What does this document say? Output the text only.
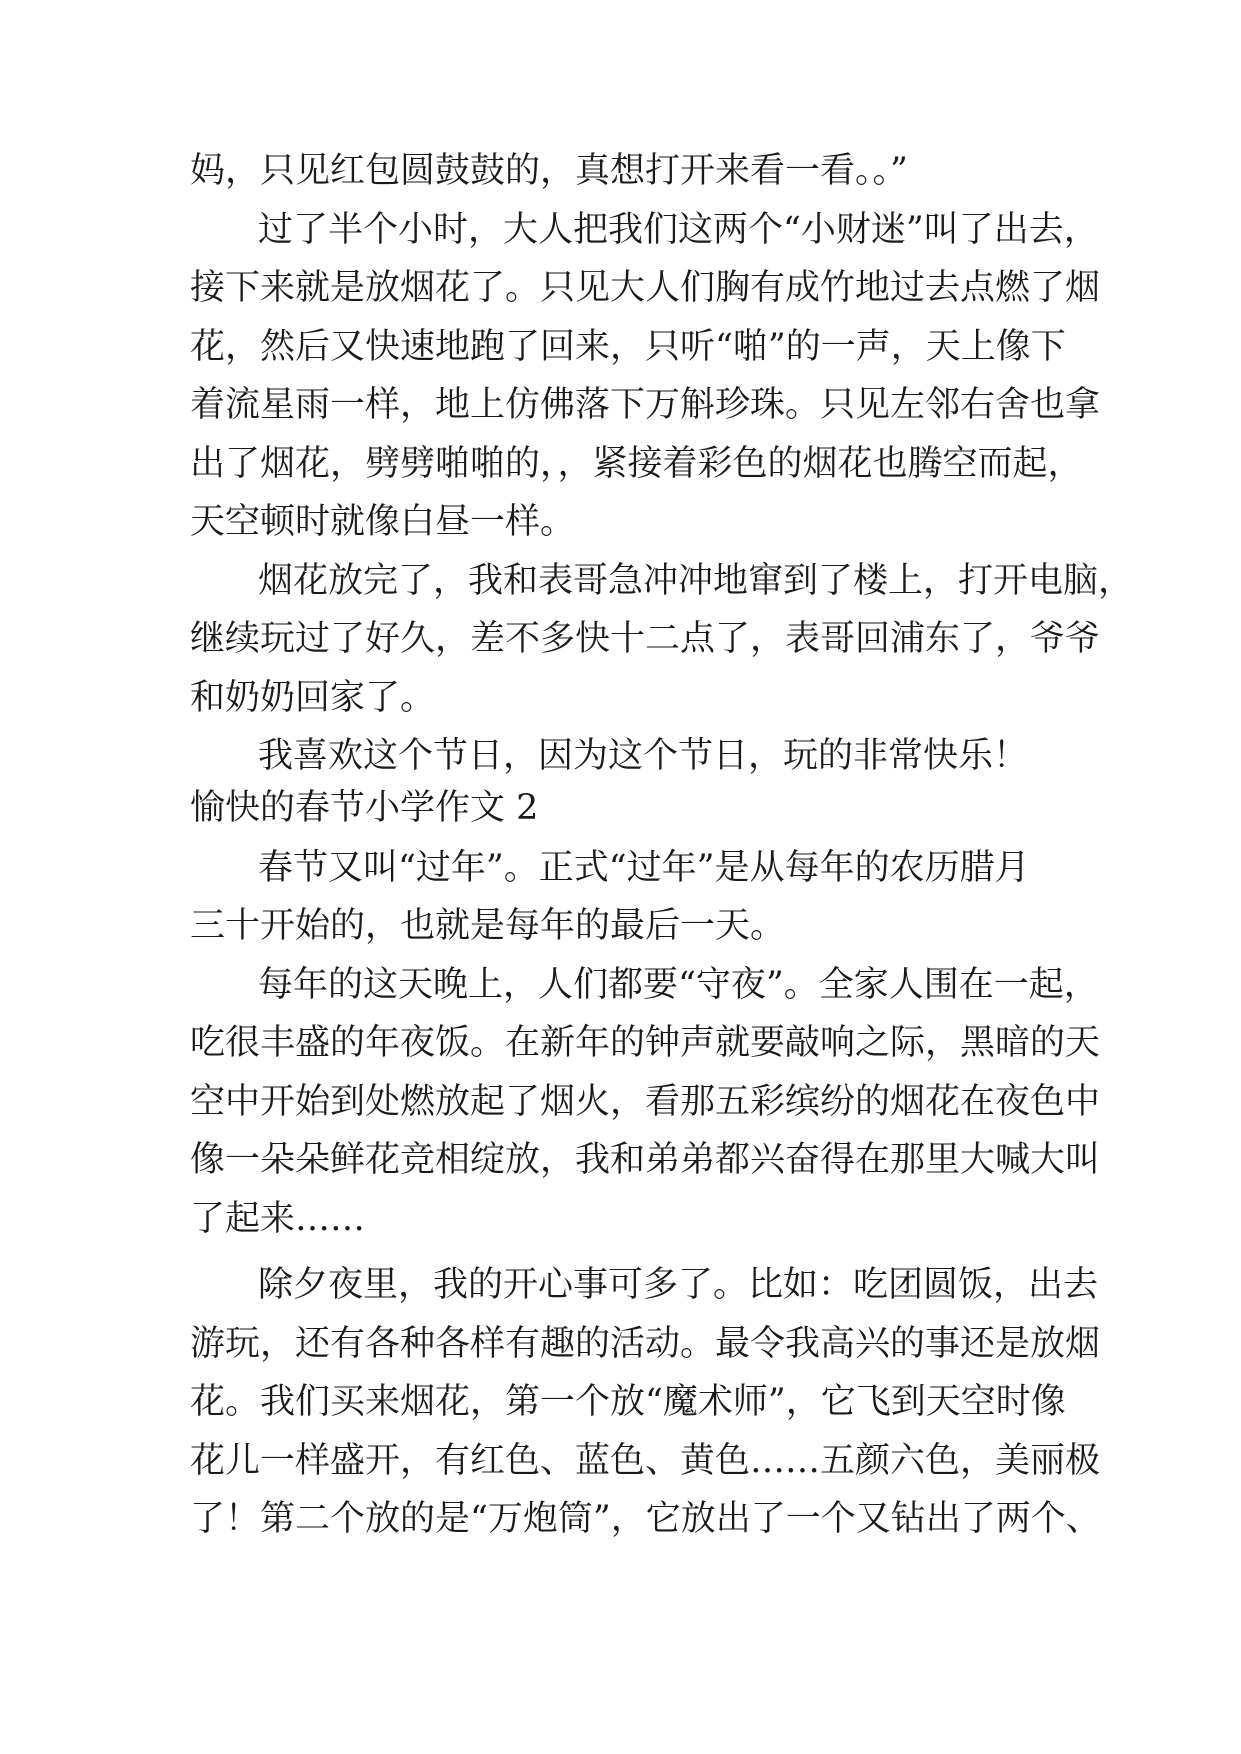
妈，只见红包圆鼓鼓的，真想打开来看一看。。”
过了半个小时，大人把我们这两个“小财迷”叫了出去，
接下来就是放烟花了。只见大人们胸有成竹地过去点燃了烟
花，然后又快速地跑了回来，只听“啪”的一声，天上像下
着流星雨一样，地上仿佛落下万斛珍珠。只见左邻右舍也拿
出了烟花，劈劈啪啪的，，紧接着彩色的烟花也腾空而起，
天空顿时就像白昼一样。
烟花放完了，我和表哥急冲冲地窜到了楼上，打开电脑，
继续玩过了好久，差不多快十二点了，表哥回浦东了，爷爷
和奶奶回家了。
我喜欢这个节日，因为这个节日，玩的非常快乐！
愉快的春节小学作文 2
春节又叫“过年”。正式“过年”是从每年的农历腊月
三十开始的，也就是每年的最后一天。
每年的这天晚上，人们都要“守夜”。全家人围在一起，
吃很丰盛的年夜饭。在新年的钟声就要敲响之际，黑暗的天
空中开始到处燃放起了烟火，看那五彩缤纷的烟花在夜色中
像一朵朵鲜花竞相绽放，我和弟弟都兴奋得在那里大喊大叫
了起来……
除夕夜里，我的开心事可多了。比如：吃团圆饭，出去
游玩，还有各种各样有趣的活动。最令我高兴的事还是放烟
花。我们买来烟花，第一个放“魔术师”，它飞到天空时像
花儿一样盛开，有红色、蓝色、黄色……五颜六色，美丽极
了！第二个放的是“万炮筒”，它放出了一个又钻出了两个、
